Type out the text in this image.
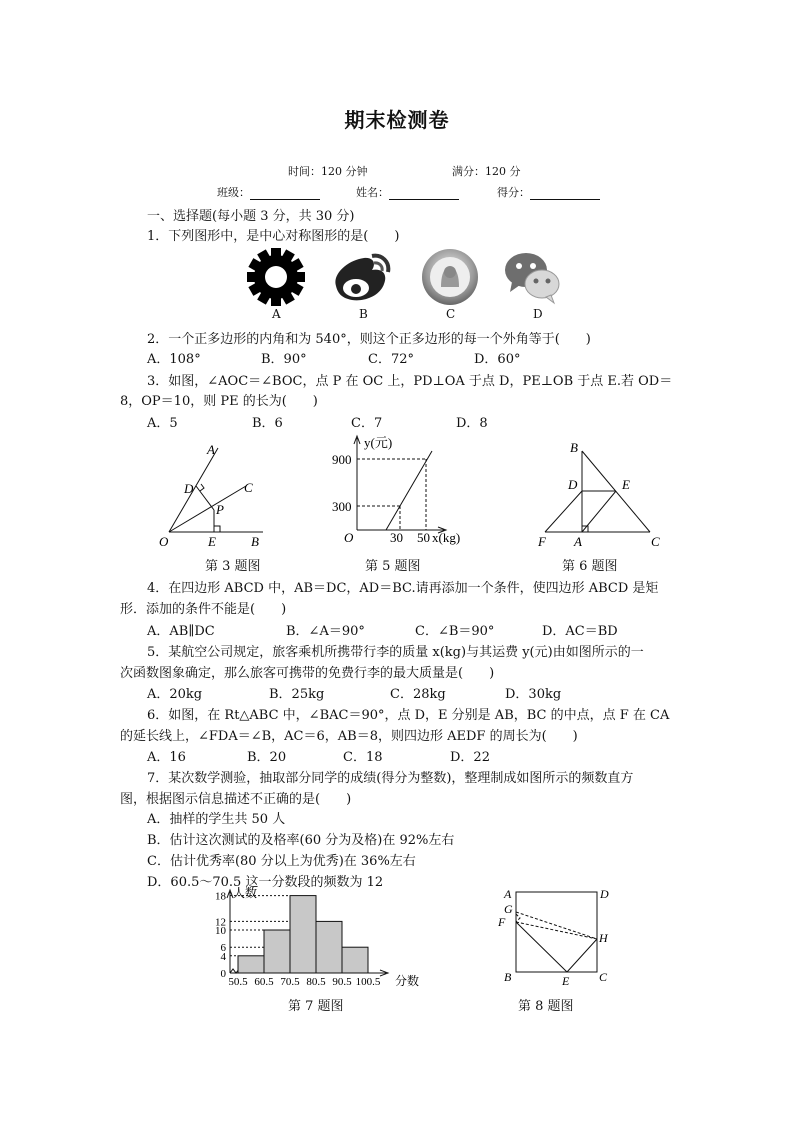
期末检测卷
时间：120 分钟	满分：120 分
班级：	姓名：	得分：
一、选择题(每小题 3 分，共 30 分)
1．下列图形中，是中心对称图形的是(　　)
A	B	C	D
2．一个正多边形的内角和为 540°，则这个正多边形的每一个外角等于(　　)
A．108°	B．90°	C．72°	D．60°
3．如图，∠AOC＝∠BOC，点 P 在 OC 上，PD⊥OA 于点 D，PE⊥OB 于点 E.若 OD＝
8，OP＝10，则 PE 的长为(　　)
A．5	B．6	C．7	D．8
A
C
D
P
O	E	B
第 3 题图
y(元)
900
300
O	30 50 x(kg)
第 5 题图
B
D	E
F A	C
第 6 题图
4．在四边形 ABCD 中，AB＝DC，AD＝BC.请再添加一个条件，使四边形 ABCD 是矩
形．添加的条件不能是(　　)
A．AB∥DC	B．∠A＝90°	C．∠B＝90°	D．AC＝BD
5．某航空公司规定，旅客乘机所携带行李的质量 x(kg)与其运费 y(元)由如图所示的一
次函数图象确定，那么旅客可携带的免费行李的最大质量是(　　)
A．20kg	B．25kg	C．28kg	D．30kg
6．如图，在 Rt△ABC 中，∠BAC＝90°，点 D，E 分别是 AB，BC 的中点，点 F 在 CA
的延长线上，∠FDA＝∠B，AC＝6，AB＝8，则四边形 AEDF 的周长为(　　)
A．16	B．20	C．18	D．22
7．某次数学测验，抽取部分同学的成绩(得分为整数)，整理制成如图所示的频数直方
图，根据图示信息描述不正确的是(　　)
A．抽样的学生共 50 人
B．估计这次测试的及格率(60 分为及格)在 92%左右
C．估计优秀率(80 分以上为优秀)在 36%左右
D．60.5～70.5 这一分数段的频数为 12
18
12
10
6
4
0
50.5 60.5 70.5 80.5 90.5 100.5
人数
分数
第 7 题图
A	D
G
F
H
B	E C
第 8 题图
